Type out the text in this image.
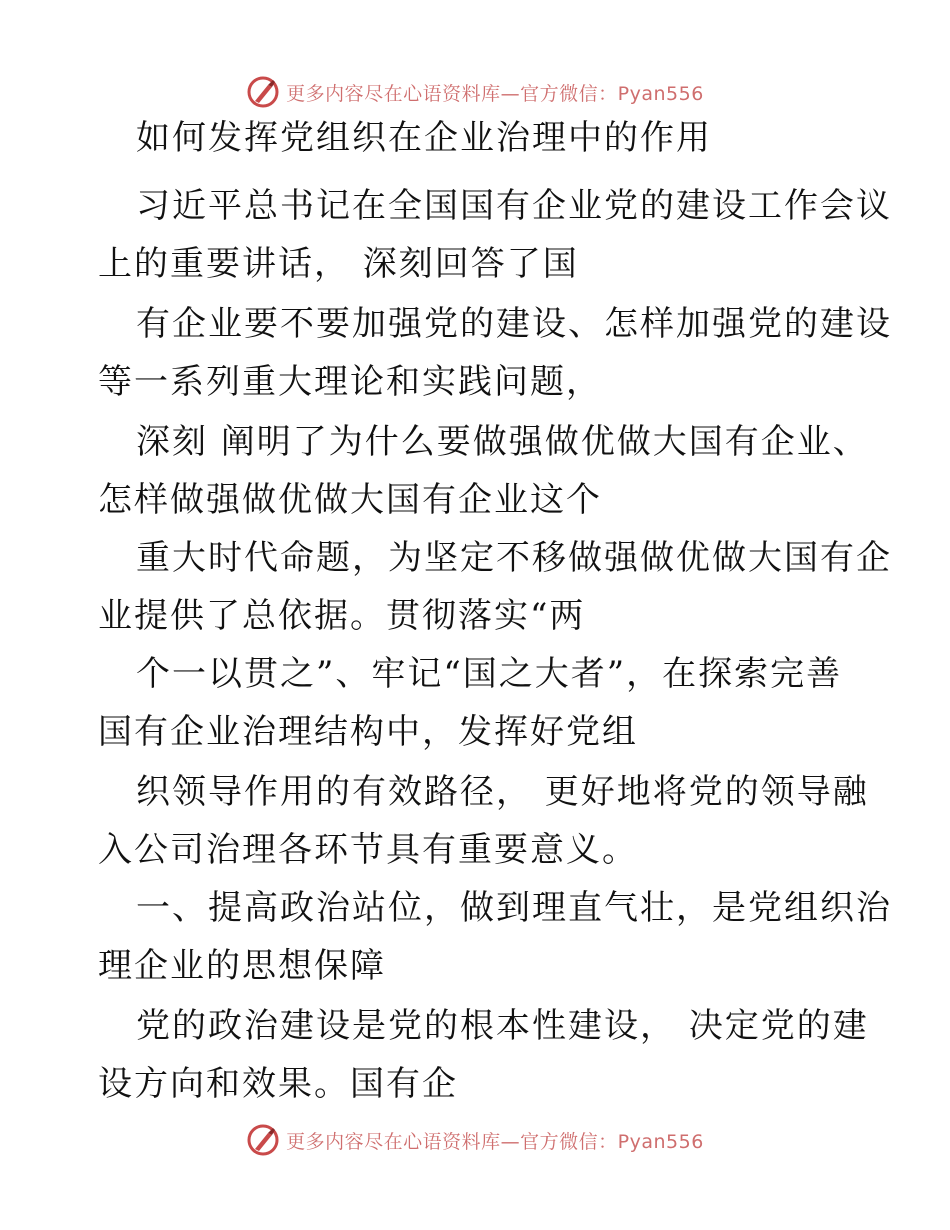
更多内容尽在心语资料库—官方微信：Pyan556
如何发挥党组织在企业治理中的作用
习近平总书记在全国国有企业党的建设工作会议
上的重要讲话， 深刻回答了国
有企业要不要加强党的建设、怎样加强党的建设
等一系列重大理论和实践问题，
深刻 阐明了为什么要做强做优做大国有企业、
怎样做强做优做大国有企业这个
重大时代命题，为坚定不移做强做优做大国有企
业提供了总依据。贯彻落实“两
个一以贯之”、牢记“国之大者”，在探索完善
国有企业治理结构中，发挥好党组
织领导作用的有效路径， 更好地将党的领导融
入公司治理各环节具有重要意义。
一、提高政治站位，做到理直气壮，是党组织治
理企业的思想保障
党的政治建设是党的根本性建设， 决定党的建
设方向和效果。国有企
更多内容尽在心语资料库—官方微信：Pyan556
